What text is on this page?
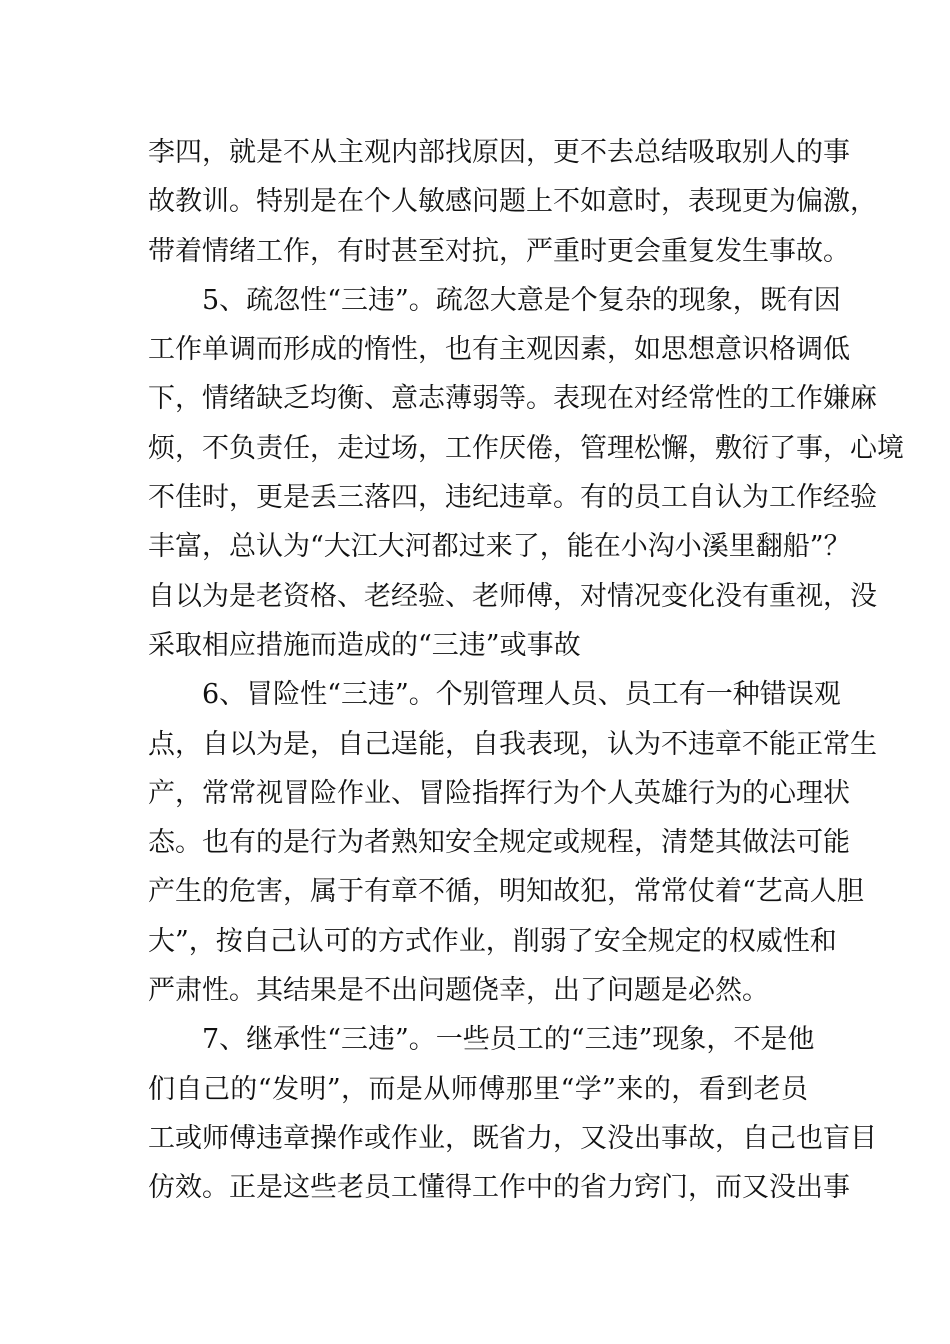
李四，就是不从主观内部找原因，更不去总结吸取别人的事
故教训。特别是在个人敏感问题上不如意时，表现更为偏激，
带着情绪工作，有时甚至对抗，严重时更会重复发生事故。
5、疏忽性“三违”。疏忽大意是个复杂的现象，既有因
工作单调而形成的惰性，也有主观因素，如思想意识格调低
下，情绪缺乏均衡、意志薄弱等。表现在对经常性的工作嫌麻
烦，不负责任，走过场，工作厌倦，管理松懈，敷衍了事，心境
不佳时，更是丢三落四，违纪违章。有的员工自认为工作经验
丰富，总认为“大江大河都过来了，能在小沟小溪里翻船”？
自以为是老资格、老经验、老师傅，对情况变化没有重视，没
采取相应措施而造成的“三违”或事故
6、冒险性“三违”。个别管理人员、员工有一种错误观
点，自以为是，自己逞能，自我表现，认为不违章不能正常生
产，常常视冒险作业、冒险指挥行为个人英雄行为的心理状
态。也有的是行为者熟知安全规定或规程，清楚其做法可能
产生的危害，属于有章不循，明知故犯，常常仗着“艺高人胆
大”，按自己认可的方式作业，削弱了安全规定的权威性和
严肃性。其结果是不出问题侥幸，出了问题是必然。
7、继承性“三违”。一些员工的“三违”现象，不是他
们自己的“发明”，而是从师傅那里“学”来的，看到老员
工或师傅违章操作或作业，既省力，又没出事故，自己也盲目
仿效。正是这些老员工懂得工作中的省力窍门，而又没出事
